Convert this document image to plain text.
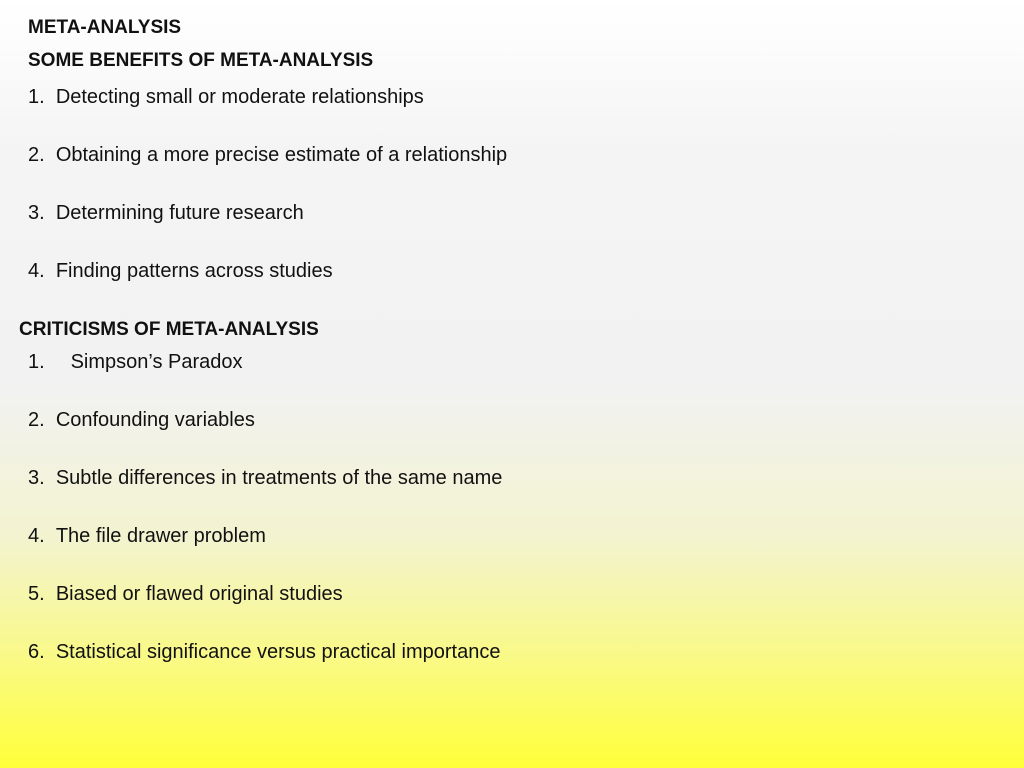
META-ANALYSIS
SOME BENEFITS OF META-ANALYSIS
1.  Detecting small or moderate relationships
2.  Obtaining a more precise estimate of a relationship
3.  Determining future research
4.  Finding patterns across studies
CRITICISMS OF META-ANALYSIS
1. Simpson’s Paradox
2.  Confounding variables
3.  Subtle differences in treatments of the same name
4.  The file drawer problem
5.  Biased or flawed original studies
6.  Statistical significance versus practical importance
